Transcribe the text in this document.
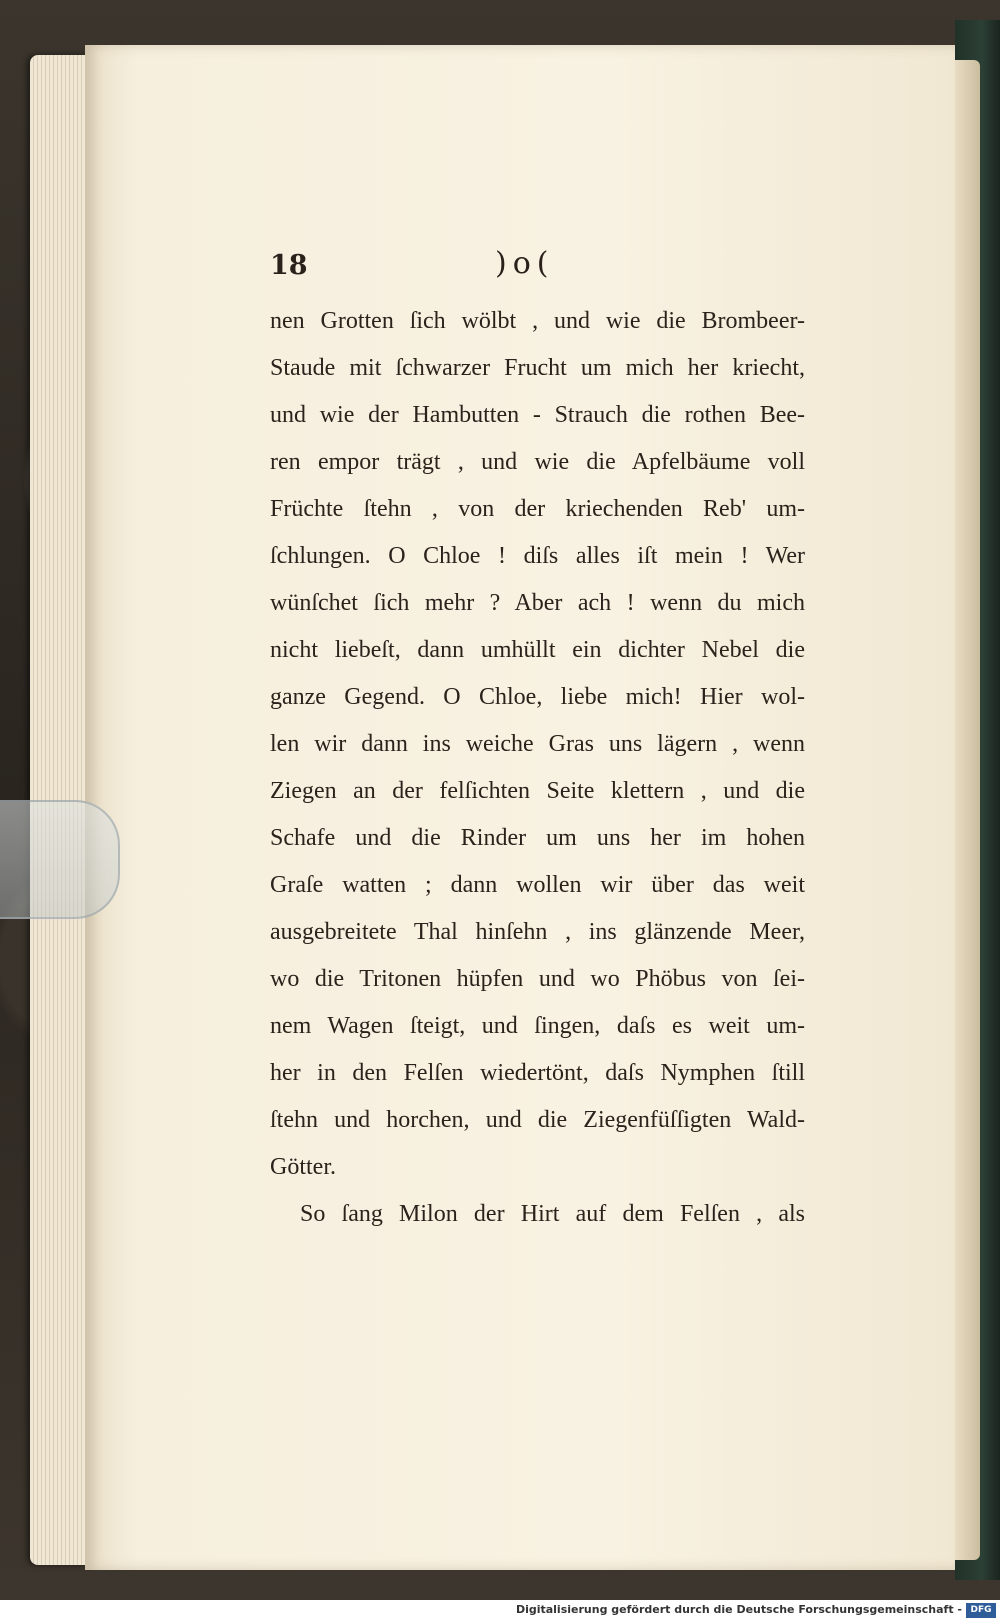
18	)o(
nen Grotten ſich wölbt , und wie die Brombeer-
Staude mit ſchwarzer Frucht um mich her kriecht,
und wie der Hambutten - Strauch die rothen Bee-
ren empor trägt , und wie die Apfelbäume voll
Früchte ſtehn , von der kriechenden Reb' um-
ſchlungen. O Chloe ! diſs alles iſt mein ! Wer
wünſchet ſich mehr ? Aber ach ! wenn du mich
nicht liebeſt, dann umhüllt ein dichter Nebel die
ganze Gegend. O Chloe, liebe mich! Hier wol-
len wir dann ins weiche Gras uns lägern , wenn
Ziegen an der felſichten Seite klettern , und die
Schafe und die Rinder um uns her im hohen
Graſe watten ; dann wollen wir über das weit
ausgebreitete Thal hinſehn , ins glänzende Meer,
wo die Tritonen hüpfen und wo Phöbus von ſei-
nem Wagen ſteigt, und ſingen, daſs es weit um-
her in den Felſen wiedertönt, daſs Nymphen ſtill
ſtehn und horchen, und die Ziegenfüſſigten Wald-
Götter.
So ſang Milon der Hirt auf dem Felſen , als
Digitalisierung gefördert durch die Deutsche Forschungsgemeinschaft - DFG
